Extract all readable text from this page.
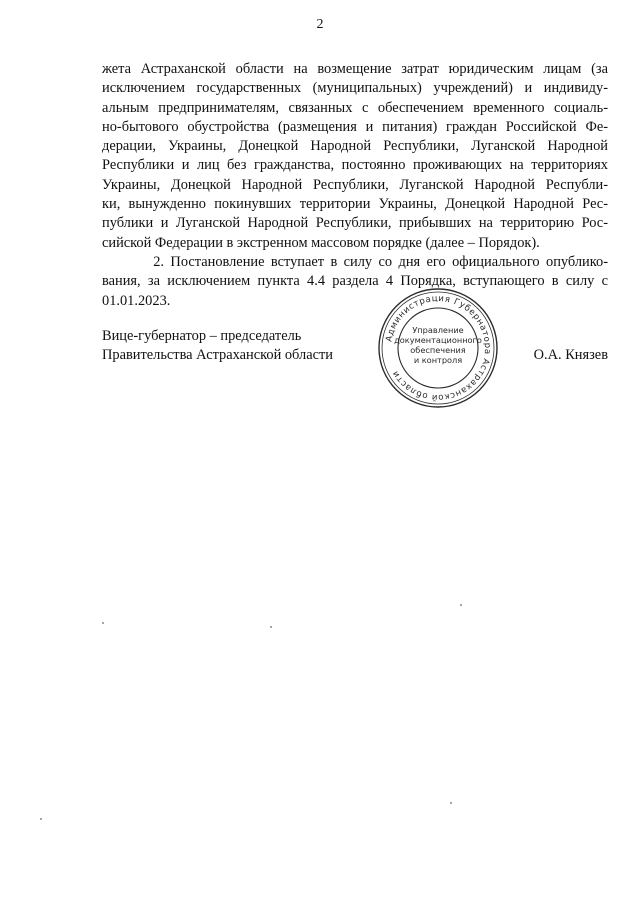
2
жета Астраханской области на возмещение затрат юридическим лицам (за
исключением государственных (муниципальных) учреждений) и индивиду-
альным предпринимателям, связанных с обеспечением временного социаль-
но-бытового обустройства (размещения и питания) граждан Российской Фе-
дерации, Украины, Донецкой Народной Республики, Луганской Народной
Республики и лиц без гражданства, постоянно проживающих на территориях
Украины, Донецкой Народной Республики, Луганской Народной Республи-
ки, вынужденно покинувших территории Украины, Донецкой Народной Рес-
публики и Луганской Народной Республики, прибывших на территорию Рос-
сийской Федерации в экстренном массовом порядке (далее – Порядок).
2. Постановление вступает в силу со дня его официального опублико-
вания, за исключением пункта 4.4 раздела 4 Порядка, вступающего в силу с
01.01.2023.
Вице-губернатор – председатель
Правительства Астраханской области	О.А. Князев
Администрация Губернатора Астраханской области
Управление
документационного
обеспечения
и контроля
